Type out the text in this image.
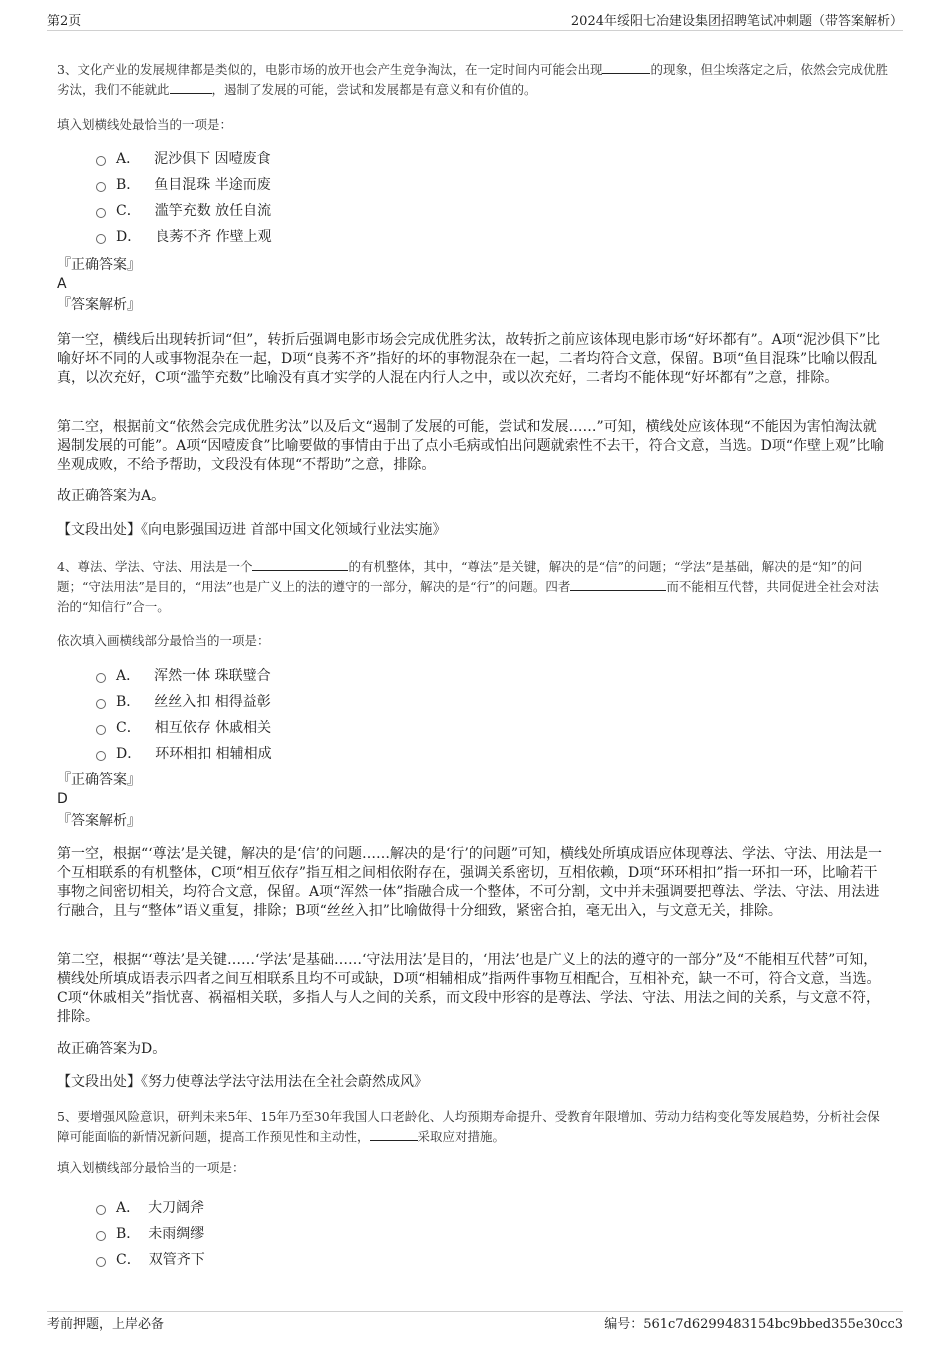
第2页	2024年绥阳七冶建设集团招聘笔试冲刺题（带答案解析）
3、文化产业的发展规律都是类似的，电影市场的放开也会产生竞争淘汰，在一定时间内可能会出现	的现象，但尘埃落定之后，依然会完成优胜劣汰，我们不能就此	，遏制了发展的可能，尝试和发展都是有意义和有价值的。
填入划横线处最恰当的一项是：
A． 泥沙俱下 因噎废食
B． 鱼目混珠 半途而废
C． 滥竽充数 放任自流
D． 良莠不齐 作壁上观
『正确答案』
A
『答案解析』
第一空，横线后出现转折词“但”，转折后强调电影市场会完成优胜劣汰，故转折之前应该体现电影市场“好坏都有”。A项“泥沙俱下”比喻好坏不同的人或事物混杂在一起，D项“良莠不齐”指好的坏的事物混杂在一起，二者均符合文意，保留。B项“鱼目混珠”比喻以假乱真，以次充好，C项“滥竽充数”比喻没有真才实学的人混在内行人之中，或以次充好，二者均不能体现“好坏都有”之意，排除。
第二空，根据前文“依然会完成优胜劣汰”以及后文“遏制了发展的可能，尝试和发展……”可知，横线处应该体现“不能因为害怕淘汰就遏制发展的可能”。A项“因噎废食”比喻要做的事情由于出了点小毛病或怕出问题就索性不去干，符合文意，当选。D项“作壁上观”比喻坐观成败，不给予帮助，文段没有体现“不帮助”之意，排除。
故正确答案为A。
【文段出处】《向电影强国迈进 首部中国文化领域行业法实施》
4、尊法、学法、守法、用法是一个	的有机整体，其中，“尊法”是关键，解决的是“信”的问题；“学法”是基础，解决的是“知”的问题；“守法用法”是目的，“用法”也是广义上的法的遵守的一部分，解决的是“行”的问题。四者	而不能相互代替，共同促进全社会对法治的“知信行”合一。
依次填入画横线部分最恰当的一项是：
A． 浑然一体 珠联璧合
B． 丝丝入扣 相得益彰
C． 相互依存 休戚相关
D． 环环相扣 相辅相成
『正确答案』
D
『答案解析』
第一空，根据“‘尊法’是关键，解决的是‘信’的问题……解决的是‘行’的问题”可知，横线处所填成语应体现尊法、学法、守法、用法是一个互相联系的有机整体，C项“相互依存”指互相之间相依附存在，强调关系密切，互相依赖，D项“环环相扣”指一环扣一环，比喻若干事物之间密切相关，均符合文意，保留。A项“浑然一体”指融合成一个整体，不可分割，文中并未强调要把尊法、学法、守法、用法进行融合，且与“整体”语义重复，排除；B项“丝丝入扣”比喻做得十分细致，紧密合拍，毫无出入，与文意无关，排除。
第二空，根据“‘尊法’是关键……‘学法’是基础……‘守法用法’是目的，‘用法’也是广义上的法的遵守的一部分”及“不能相互代替”可知，横线处所填成语表示四者之间互相联系且均不可或缺，D项“相辅相成”指两件事物互相配合，互相补充，缺一不可，符合文意，当选。C项“休戚相关”指忧喜、祸福相关联，多指人与人之间的关系，而文段中形容的是尊法、学法、守法、用法之间的关系，与文意不符，排除。
故正确答案为D。
【文段出处】《努力使尊法学法守法用法在全社会蔚然成风》
5、要增强风险意识，研判未来5年、15年乃至30年我国人口老龄化、人均预期寿命提升、受教育年限增加、劳动力结构变化等发展趋势，分析社会保障可能面临的新情况新问题，提高工作预见性和主动性，	采取应对措施。
填入划横线部分最恰当的一项是：
A． 大刀阔斧
B． 未雨绸缪
C． 双管齐下
考前押题，上岸必备	编号：561c7d6299483154bc9bbed355e30cc3
